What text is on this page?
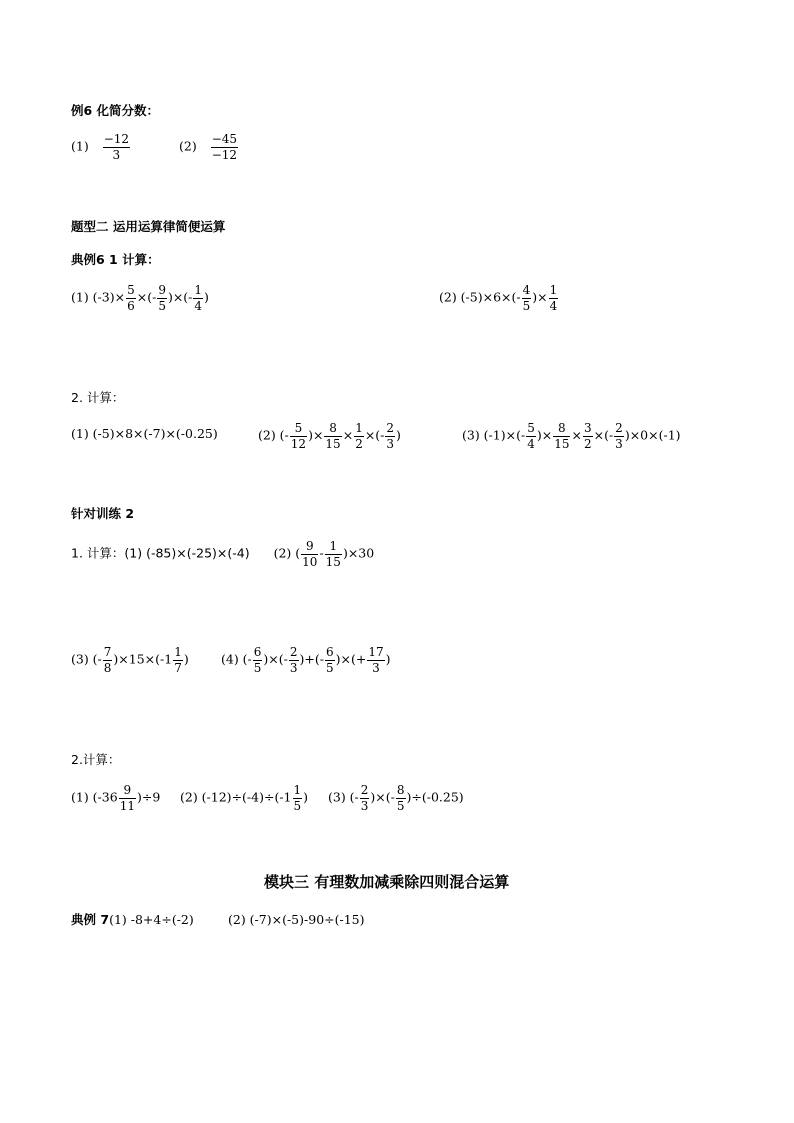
例6 化简分数：
$(1) \frac{-12}{3}$	$(2) \frac{-45}{-12}$
题型二 运用运算律简便运算
典例6 1 计算：
(1) $(-3)\times \frac{5}{6}$ ×(- $\frac{9}{5}$ )×(- $\frac{1}{4}$ )	(2) $(-5)\times 6\times(- \frac{4}{5}$ )× $\frac{1}{4}$
2. 计算：
(1) (-5)×8×(-7)×(-0.25)	(2) (- $\frac{5}{12}$ )× $\frac{8}{15} \times \frac{1}{2}$ ×(- $\frac{2}{3}$ )	(3) $(-1)\times(- \frac{5}{4}$ )× $\frac{8}{15} \times \frac{3}{2}$ ×(- $\frac{2}{3} )\times 0\times(-1)$
针对训练 2
1. 计算：(1) (-85)×(-25)×(-4) (2) ( $\frac{9}{10} - \frac{1}{15} )\times 30$
(3) (- $\frac{7}{8} )\times 15\times(-1 \frac{1}{7}$ )	(4) (- $\frac{6}{5}$ )×(- $\frac{2}{3}$ )+(- $\frac{6}{5}$ )×(+ $\frac{17}{3}$ )
2.计算：
(1) $(-36 \frac{9}{11} )\div 9$ (2) $(-12)\div(-4)\div(-1 \frac{1}{5}$ ) (3) (- $\frac{2}{3}$ )×(- $\frac{8}{5} )\div(-0.25)$
模块三 有理数加减乘除四则混合运算
典例 7(1) -8+4÷(-2)	(2) (-7)×(-5)-90÷(-15)
